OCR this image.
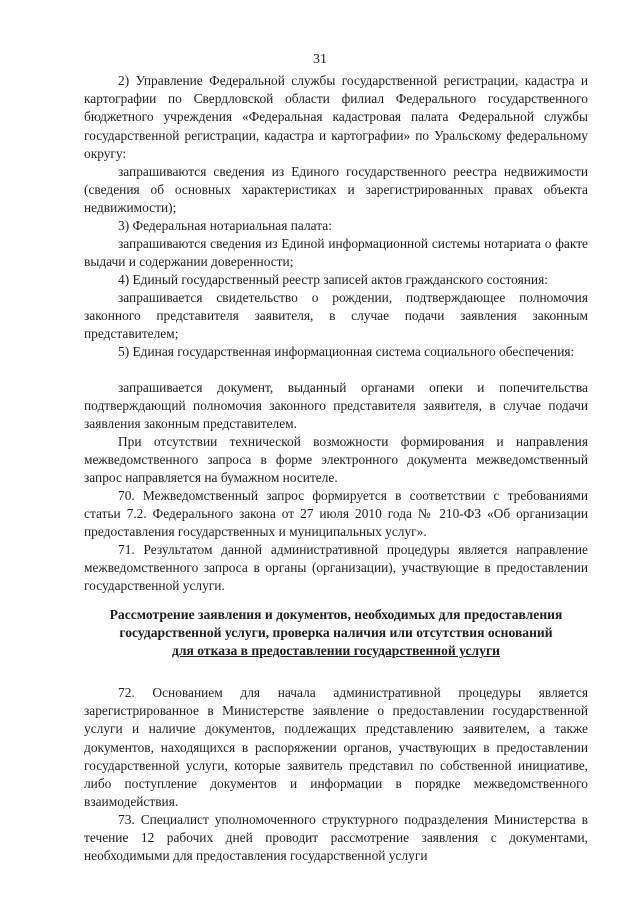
31

2) Управление Федеральной службы государственной регистрации, кадастра и картографии по Свердловской области филиал Федерального государственного бюджетного учреждения «Федеральная кадастровая палата Федеральной службы государственной регистрации, кадастра и картографии» по Уральскому федеральному округу:

запрашиваются сведения из Единого государственного реестра недвижимости (сведения об основных характеристиках и зарегистрированных правах объекта недвижимости);

3) Федеральная нотариальная палата:

запрашиваются сведения из Единой информационной системы нотариата о факте выдачи и содержании доверенности;

4) Единый государственный реестр записей актов гражданского состояния:

запрашивается свидетельство о рождении, подтверждающее полномочия законного представителя заявителя, в случае подачи заявления законным представителем;

5) Единая государственная информационная система социального обеспечения:

запрашивается документ, выданный органами опеки и попечительства подтверждающий полномочия законного представителя заявителя, в случае подачи заявления законным представителем.

При отсутствии технической возможности формирования и направления межведомственного запроса в форме электронного документа межведомственный запрос направляется на бумажном носителе.

70. Межведомственный запрос формируется в соответствии с требованиями статьи 7.2. Федерального закона от 27 июля 2010 года № 210-ФЗ «Об организации предоставления государственных и муниципальных услуг».

71. Результатом данной административной процедуры является направление межведомственного запроса в органы (организации), участвующие в предоставлении государственной услуги.

Рассмотрение заявления и документов, необходимых для предоставления
государственной услуги, проверка наличия или отсутствия оснований
для отказа в предоставлении государственной услуги

72. Основанием для начала административной процедуры является зарегистрированное в Министерстве заявление о предоставлении государственной услуги и наличие документов, подлежащих представлению заявителем, а также документов, находящихся в распоряжении органов, участвующих в предоставлении государственной услуги, которые заявитель представил по собственной инициативе, либо поступление документов и информации в порядке межведомственного взаимодействия.

73. Специалист уполномоченного структурного подразделения Министерства в течение 12 рабочих дней проводит рассмотрение заявления с документами, необходимыми для предоставления государственной услуги
